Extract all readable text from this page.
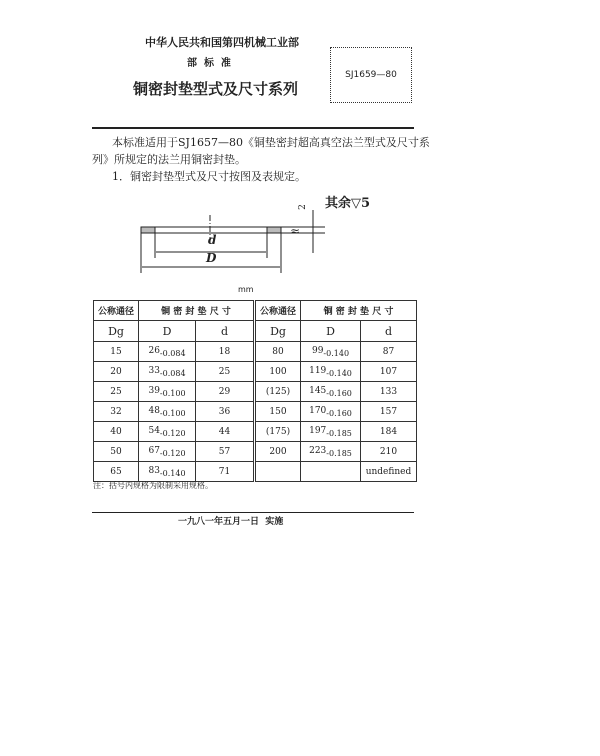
中华人民共和国第四机械工业部
部  标  准
铜密封垫型式及尺寸系列
SJ1659—80
本标准适用于SJ1657—80《铜垫密封超高真空法兰型式及尺寸系
列》所规定的法兰用铜密封垫。
1．铜密封垫型式及尺寸按图及表规定。
其余▽5
≈
d
D
2
mm
公称通径	铜 密 封 垫 尺 寸		公称通径	铜 密 封 垫 尺 寸	
Dg	D	d	Dg	D	d
15	$26_{-0.084}$	18	80	$99_{-0.140}$	87
20	$33_{-0.084}$	25	100	$119_{-0.140}$	107
25	$39_{-0.100}$	29	(125)	$145_{-0.160}$	133
32	$48_{-0.100}$	36	150	$170_{-0.160}$	157
40	$54_{-0.120}$	44	(175)	$197_{-0.185}$	184
50	$67_{-0.120}$	57	200	$223_{-0.185}$	210
65	$83_{-0.140}$	71			undefined
注：括号内规格为限制采用规格。
一九八一年五月一日  实施
